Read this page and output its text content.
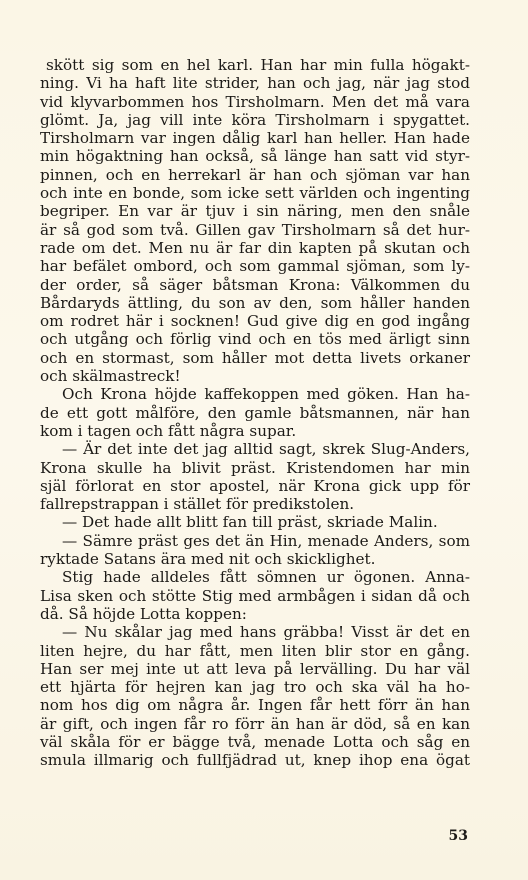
skött sig som en hel karl. Han har min fulla högakt-
ning. Vi ha haft lite strider, han och jag, när jag stod
vid klyvarbommen hos Tirsholmarn. Men det må vara
glömt. Ja, jag vill inte köra Tirsholmarn i spygattet.
Tirsholmarn var ingen dålig karl han heller. Han hade
min högaktning han också, så länge han satt vid styr-
pinnen, och en herrekarl är han och sjöman var han
och inte en bonde, som icke sett världen och ingenting
begriper. En var är tjuv i sin näring, men den snåle
är så god som två. Gillen gav Tirsholmarn så det hur-
rade om det. Men nu är far din kapten på skutan och
har befälet ombord, och som gammal sjöman, som ly-
der order, så säger båtsman Krona: Välkommen du
Bårdaryds ättling, du son av den, som håller handen
om rodret här i socknen! Gud give dig en god ingång
och utgång och förlig vind och en tös med ärligt sinn
och en stormast, som håller mot detta livets orkaner
och skälmastreck!
Och Krona höjde kaffekoppen med göken. Han ha-
de ett gott målföre, den gamle båtsmannen, när han
kom i tagen och fått några supar.
— Är det inte det jag alltid sagt, skrek Slug-Anders,
Krona skulle ha blivit präst. Kristendomen har min
själ förlorat en stor apostel, när Krona gick upp för
fallrepstrappan i stället för predikstolen.
— Det hade allt blitt fan till präst, skriade Malin.
— Sämre präst ges det än Hin, menade Anders, som
ryktade Satans ära med nit och skicklighet.
Stig hade alldeles fått sömnen ur ögonen. Anna-
Lisa sken och stötte Stig med armbågen i sidan då och
då. Så höjde Lotta koppen:
— Nu skålar jag med hans gräbba! Visst är det en
liten hejre, du har fått, men liten blir stor en gång.
Han ser mej inte ut att leva på lervälling. Du har väl
ett hjärta för hejren kan jag tro och ska väl ha ho-
nom hos dig om några år. Ingen får hett förr än han
är gift, och ingen får ro förr än han är död, så en kan
väl skåla för er bägge två, menade Lotta och såg en
smula illmarig och fullfjädrad ut, knep ihop ena ögat
53
